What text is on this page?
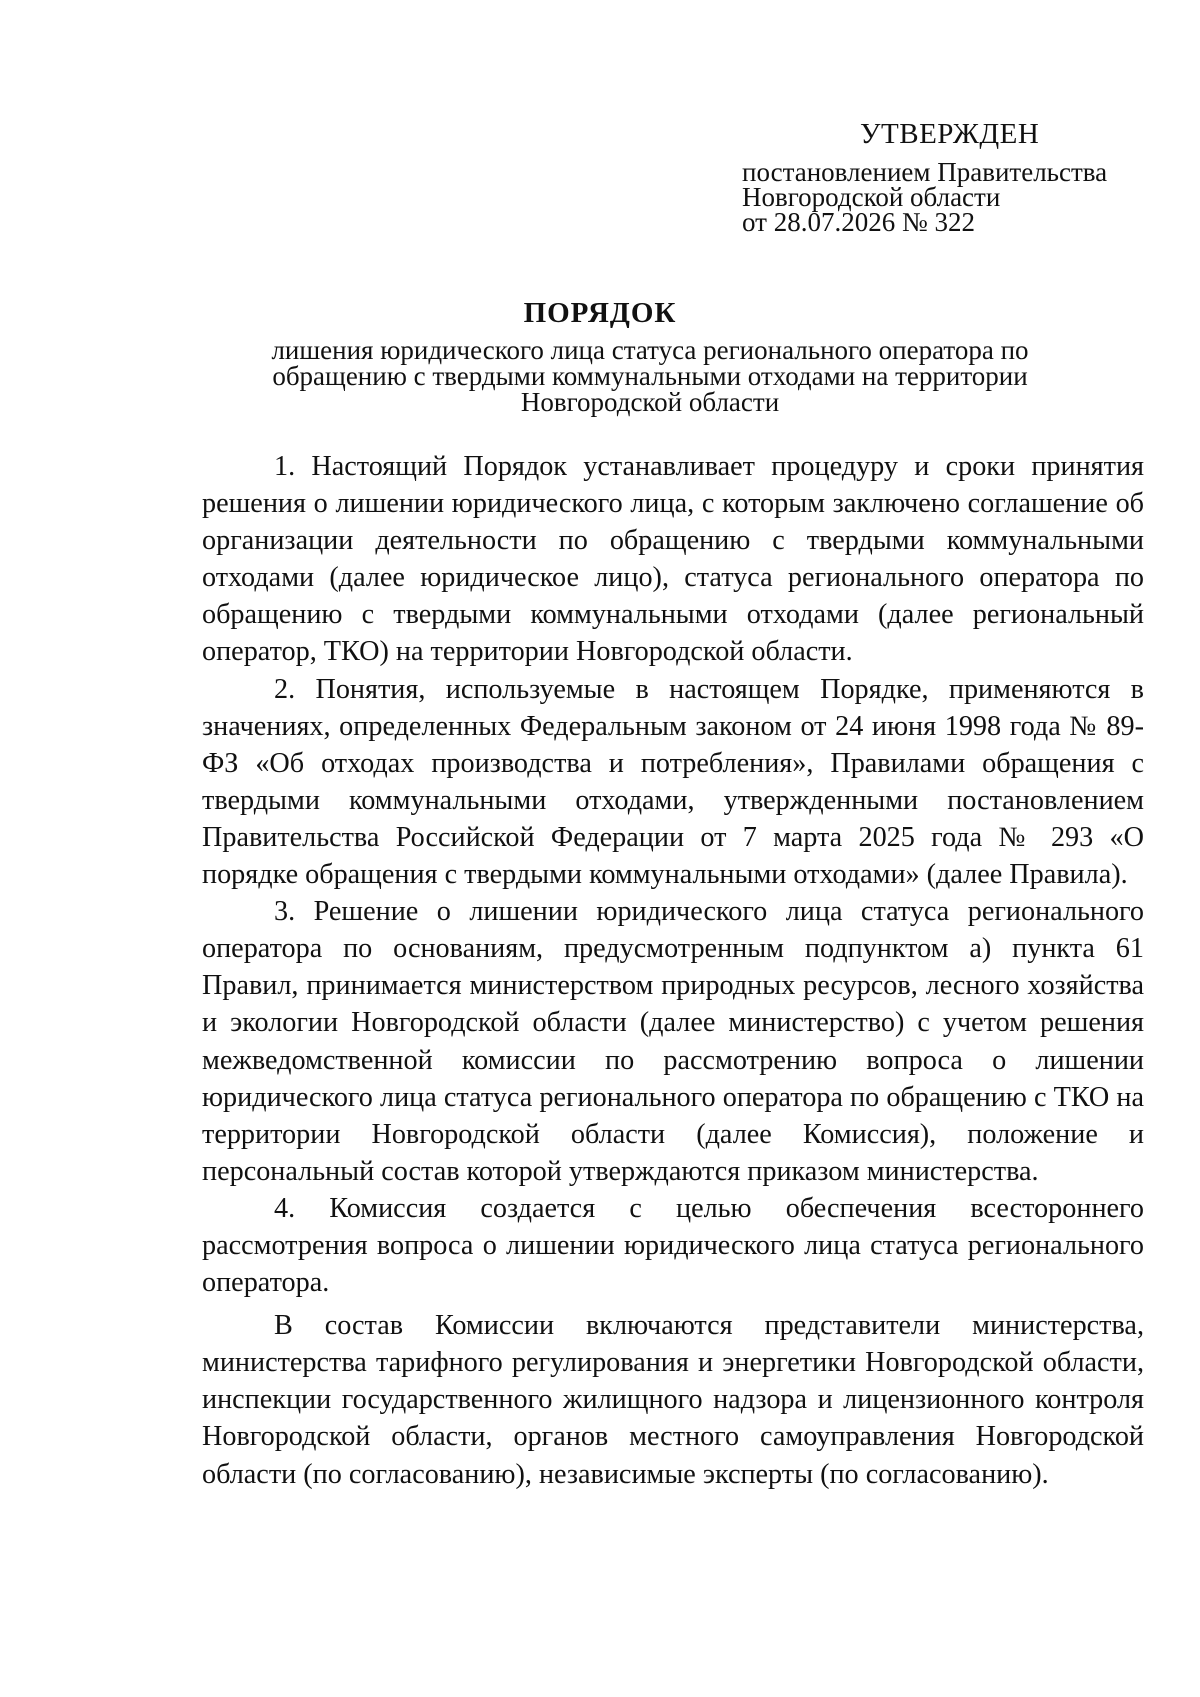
УТВЕРЖДЕН
постановлением Правительства
Новгородской области
от 28.07.2026 № 322
ПОРЯДОК
лишения юридического лица статуса регионального оператора по
обращению с твердыми коммунальными отходами на территории
Новгородской области

1. Настоящий Порядок устанавливает процедуру и сроки принятия решения о лишении юридического лица, с которым заключено соглашение об организации деятельности по обращению с твердыми коммунальными отходами (далее юридическое лицо), статуса регионального оператора по обращению с твердыми коммунальными отходами (далее региональный оператор, ТКО) на территории Новгородской области.

2. Понятия, используемые в настоящем Порядке, применяются в значениях, определенных Федеральным законом от 24 июня 1998 года № 89-ФЗ «Об отходах производства и потребления», Правилами обращения с твердыми коммунальными отходами, утвержденными постановлением Правительства Российской Федерации от 7 марта 2025 года № 293 «О порядке обращения с твердыми коммунальными отходами» (далее Правила).

3. Решение о лишении юридического лица статуса регионального оператора по основаниям, предусмотренным подпунктом а) пункта 61 Правил, принимается министерством природных ресурсов, лесного хозяйства и экологии Новгородской области (далее министерство) с учетом решения межведомственной комиссии по рассмотрению вопроса о лишении юридического лица статуса регионального оператора по обращению с ТКО на территории Новгородской области (далее Комиссия), положение и персональный состав которой утверждаются приказом министерства.

4. Комиссия создается с целью обеспечения всестороннего рассмотрения вопроса о лишении юридического лица статуса регионального оператора.

В состав Комиссии включаются представители министерства, министерства тарифного регулирования и энергетики Новгородской области, инспекции государственного жилищного надзора и лицензионного контроля Новгородской области, органов местного самоуправления Новгородской области (по согласованию), независимые эксперты (по согласованию).
